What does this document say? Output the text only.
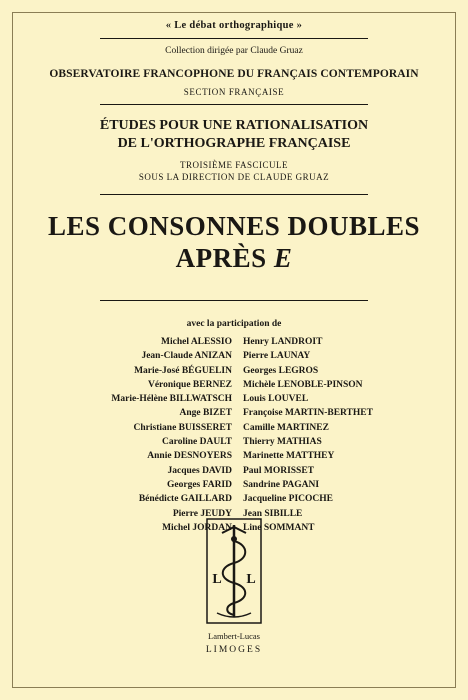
« Le débat orthographique »
Collection dirigée par Claude Gruaz
OBSERVATOIRE FRANCOPHONE DU FRANÇAIS CONTEMPORAIN
SECTION FRANÇAISE
ÉTUDES POUR UNE RATIONALISATION
DE L'ORTHOGRAPHE FRANÇAISE
TROISIÈME FASCICULE
SOUS LA DIRECTION DE CLAUDE GRUAZ
LES CONSONNES DOUBLES
APRÈS E
avec la participation de
Michel ALESSIO
Jean-Claude ANIZAN
Marie-José BÉGUELIN
Véronique BERNEZ
Marie-Hélène BILLWATSCH
Ange BIZET
Christiane BUISSERET
Caroline DAULT
Annie DESNOYERS
Jacques DAVID
Georges FARID
Bénédicte GAILLARD
Pierre JEUDY
Michel JORDAN
Henry LANDROIT
Pierre LAUNAY
Georges LEGROS
Michèle LENOBLE-PINSON
Louis LOUVEL
Françoise MARTIN-BERTHET
Camille MARTINEZ
Thierry MATHIAS
Marinette MATTHEY
Paul MORISSET
Sandrine PAGANI
Jacqueline PICOCHE
Jean SIBILLE
Line SOMMANT
L L
Lambert-Lucas
LIMOGES
